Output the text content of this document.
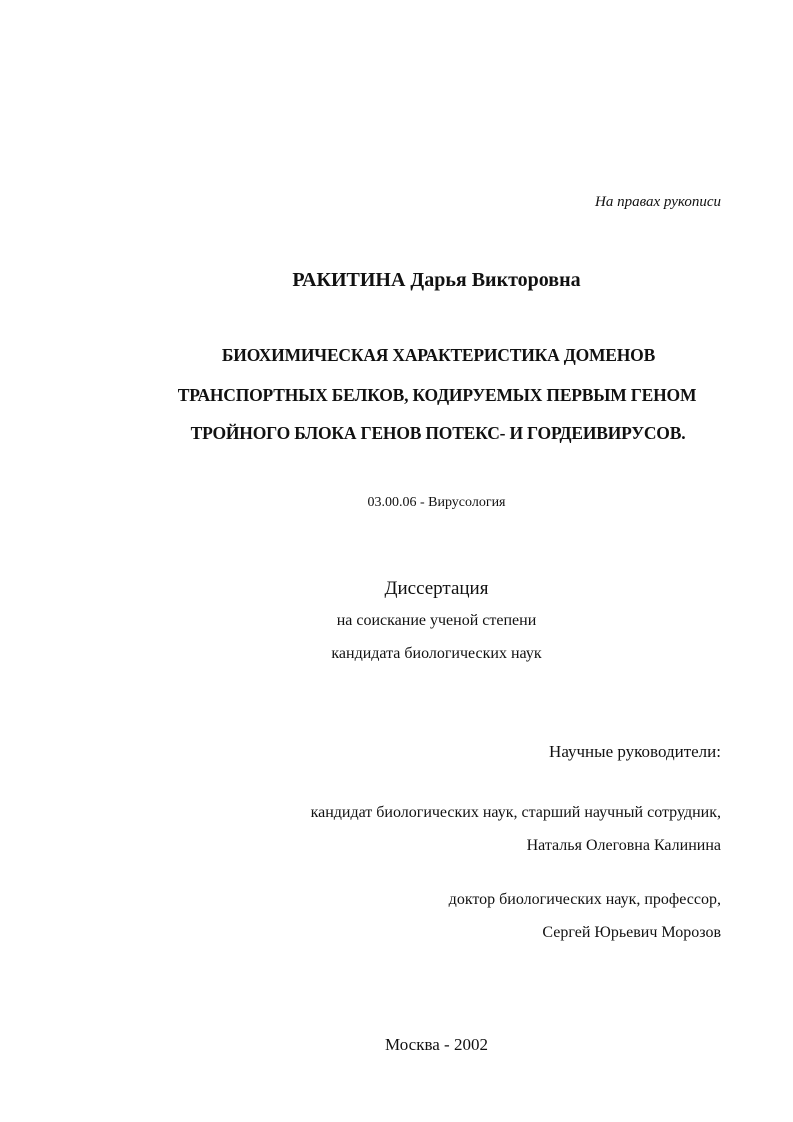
На правах рукописи
РАКИТИНА Дарья Викторовна
БИОХИМИЧЕСКАЯ ХАРАКТЕРИСТИКА ДОМЕНОВ
ТРАНСПОРТНЫХ БЕЛКОВ, КОДИРУЕМЫХ ПЕРВЫМ ГЕНОМ
ТРОЙНОГО БЛОКА ГЕНОВ ПОТЕКС- И ГОРДЕИВИРУСОВ.
03.00.06 - Вирусология
Диссертация
на соискание ученой степени
кандидата биологических наук
Научные руководители:
кандидат биологических наук, старший научный сотрудник,
Наталья Олеговна Калинина
доктор биологических наук, профессор,
Сергей Юрьевич Морозов
Москва - 2002
